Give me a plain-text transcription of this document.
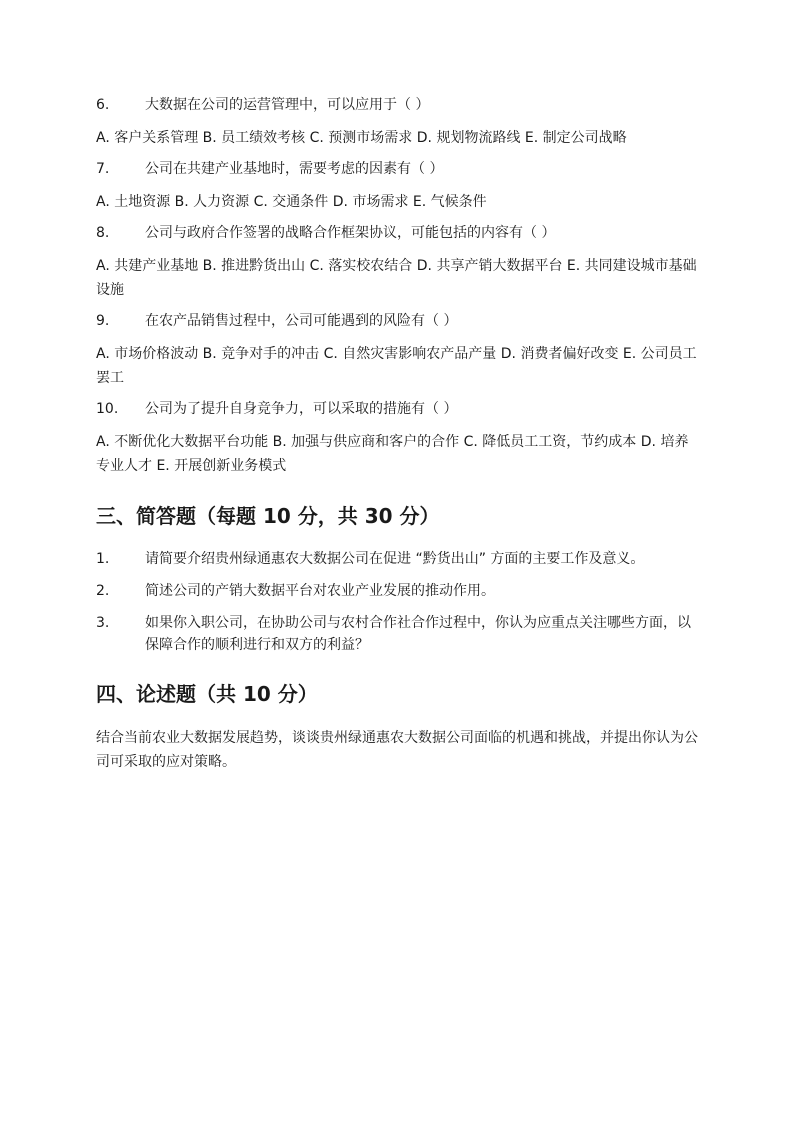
6.	大数据在公司的运营管理中，可以应用于（ ）
A. 客户关系管理 B. 员工绩效考核 C. 预测市场需求 D. 规划物流路线 E. 制定公司战略
7.	公司在共建产业基地时，需要考虑的因素有（ ）
A. 土地资源 B. 人力资源 C. 交通条件 D. 市场需求 E. 气候条件
8.	公司与政府合作签署的战略合作框架协议，可能包括的内容有（ ）
A. 共建产业基地 B. 推进黔货出山 C. 落实校农结合 D. 共享产销大数据平台 E. 共同建设城市基础设施
9.	在农产品销售过程中，公司可能遇到的风险有（ ）
A. 市场价格波动 B. 竞争对手的冲击 C. 自然灾害影响农产品产量 D. 消费者偏好改变 E. 公司员工罢工
10.	公司为了提升自身竞争力，可以采取的措施有（ ）
A. 不断优化大数据平台功能 B. 加强与供应商和客户的合作 C. 降低员工工资，节约成本 D. 培养专业人才 E. 开展创新业务模式
三、简答题（每题 10 分，共 30 分）
1.	请简要介绍贵州绿通惠农大数据公司在促进 “黔货出山” 方面的主要工作及意义。
2.	简述公司的产销大数据平台对农业产业发展的推动作用。
3.	如果你入职公司，在协助公司与农村合作社合作过程中，你认为应重点关注哪些方面，以保障合作的顺利进行和双方的利益？
四、论述题（共 10 分）
结合当前农业大数据发展趋势，谈谈贵州绿通惠农大数据公司面临的机遇和挑战，并提出你认为公司可采取的应对策略。
